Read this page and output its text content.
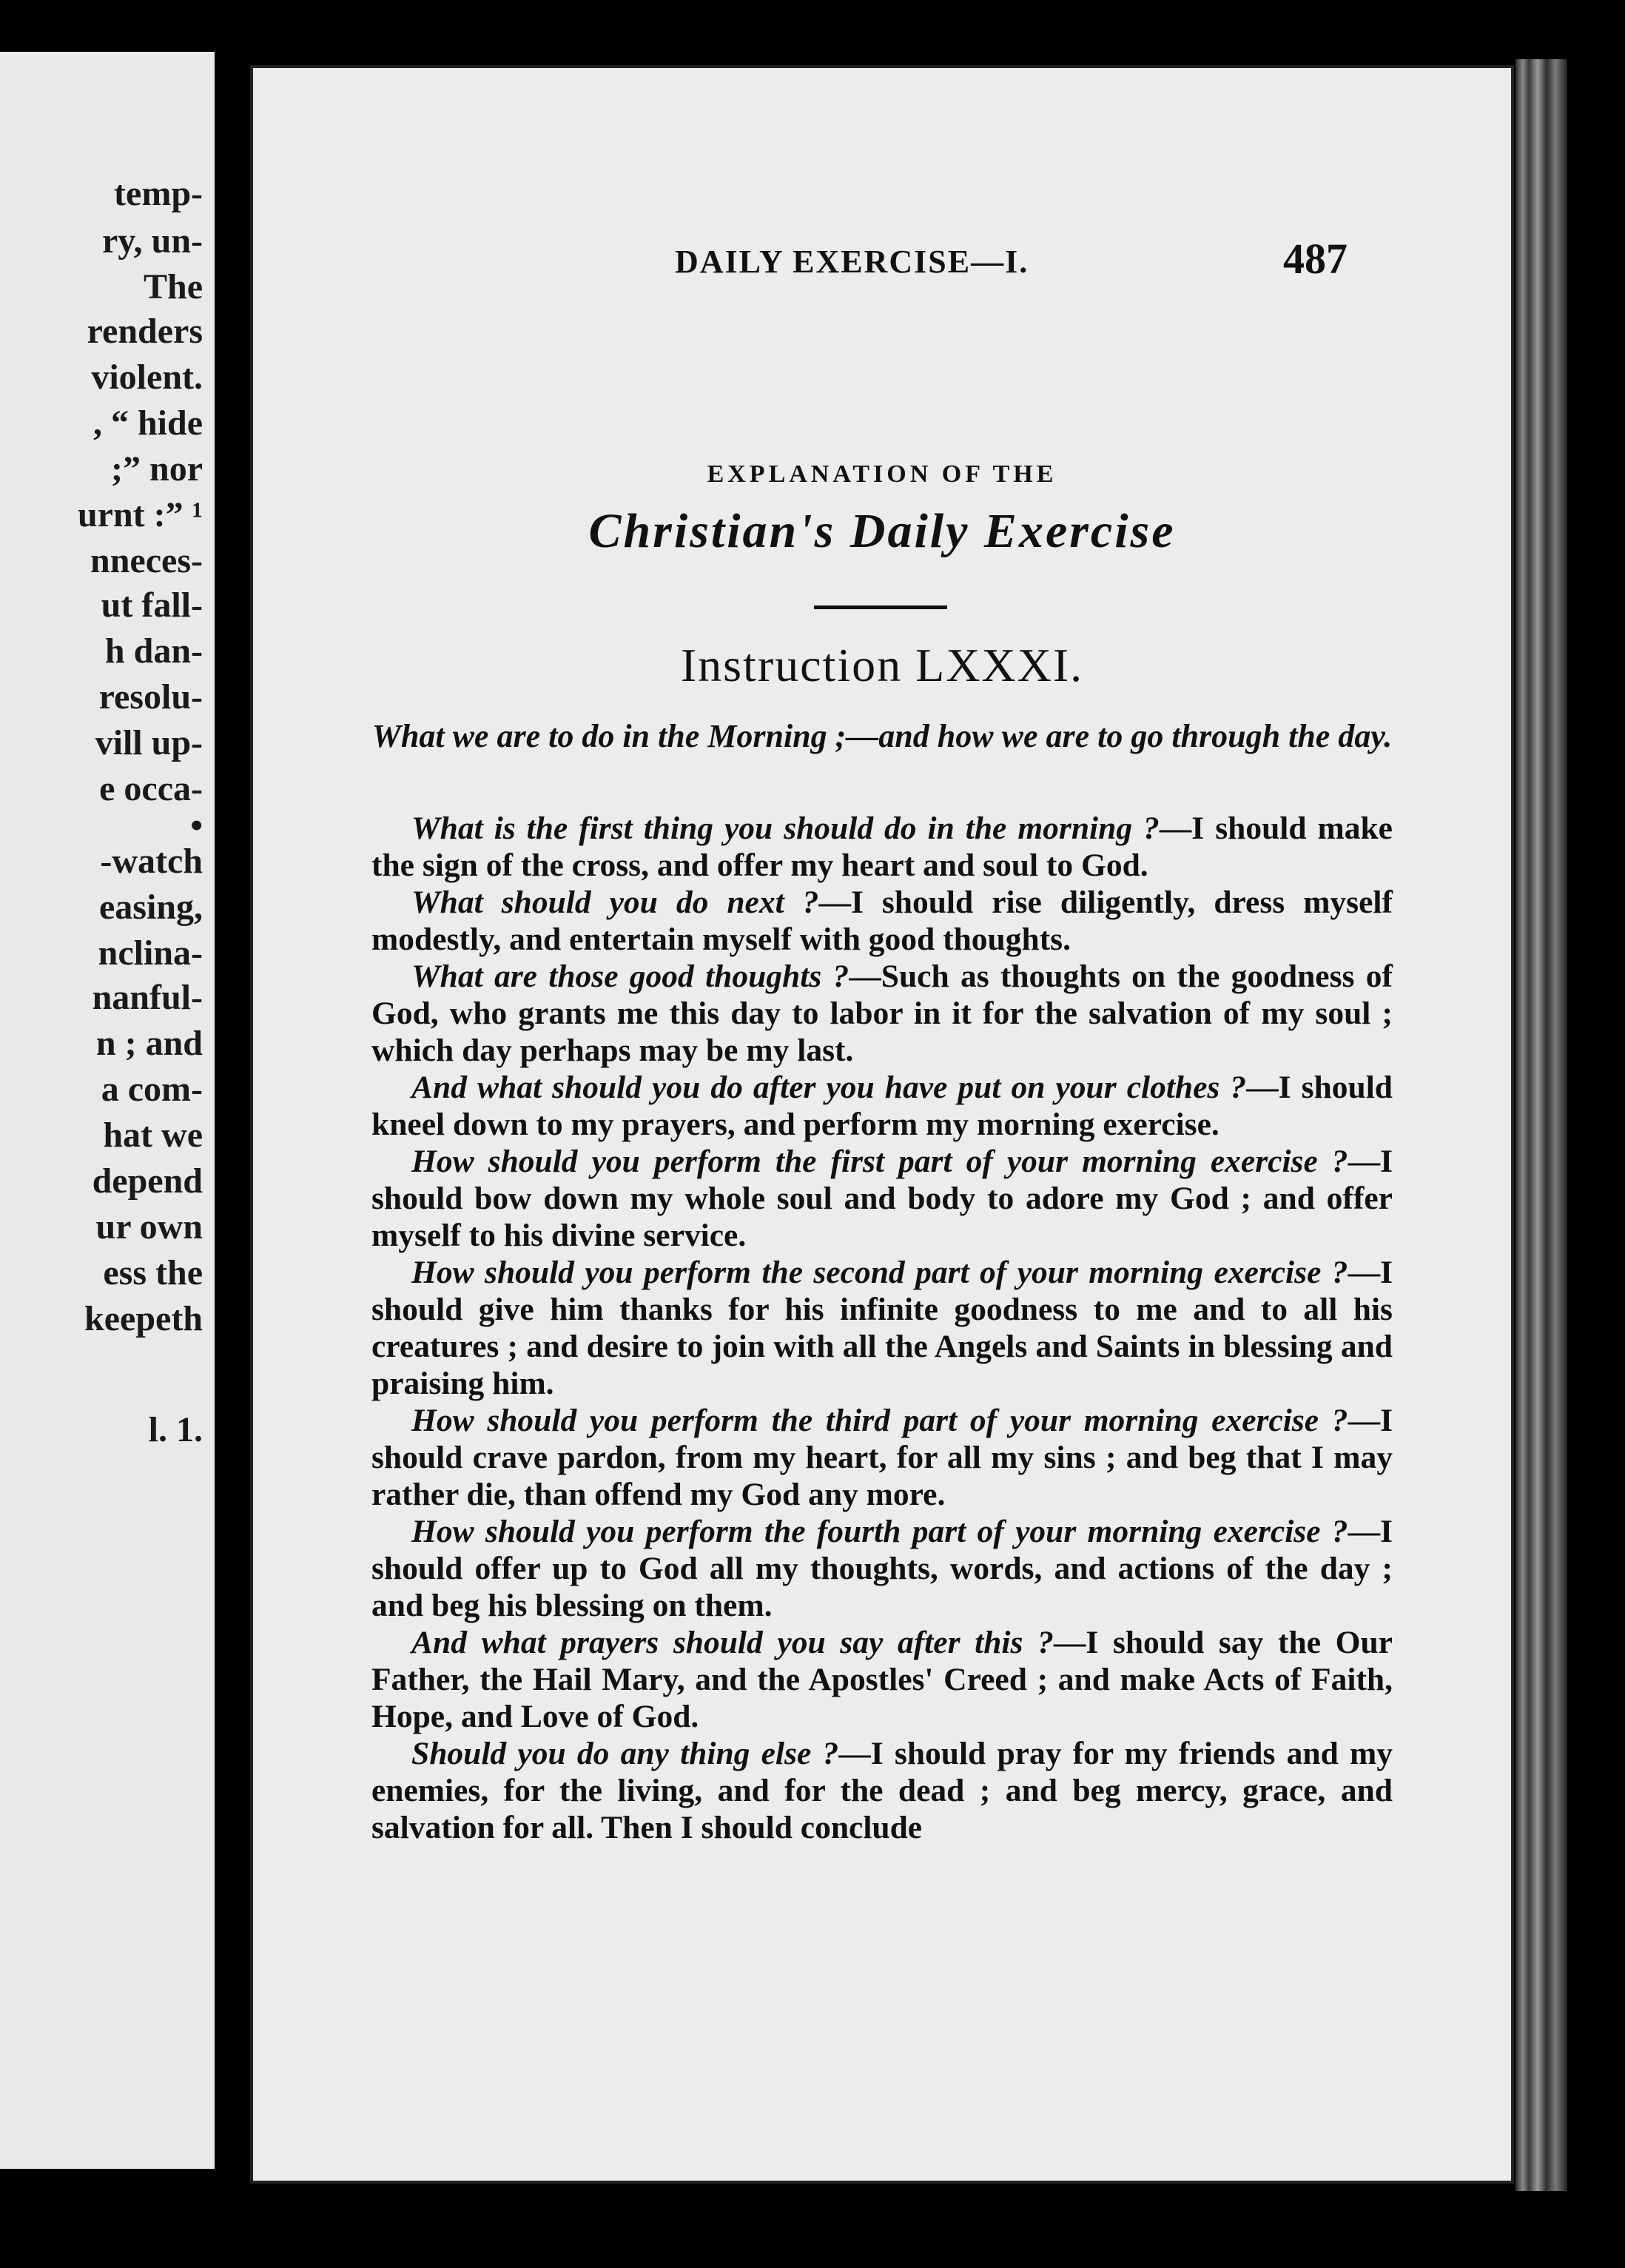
temp-
ry, un-
The
renders
violent.
, “ hide
;” nor
urnt :” ¹
nneces-
ut fall-
h dan-
resolu-
vill up-
e occa-
•
-watch
easing,
nclina-
nanful-
n ; and
a com-
hat we
depend
ur own
ess the
keepeth
l. 1.
DAILY EXERCISE—I.	487
EXPLANATION OF THE
Christian's Daily Exercise
Instruction LXXXI.
What we are to do in the Morning ;—and how we are to go through the day.

What is the first thing you should do in the morning ?—I should make the sign of the cross, and offer my heart and soul to God.

What should you do next ?—I should rise diligently, dress myself modestly, and entertain myself with good thoughts.

What are those good thoughts ?—Such as thoughts on the goodness of God, who grants me this day to labor in it for the salvation of my soul ; which day perhaps may be my last.

And what should you do after you have put on your clothes ?—I should kneel down to my prayers, and perform my morning exercise.

How should you perform the first part of your morning exercise ?—I should bow down my whole soul and body to adore my God ; and offer myself to his divine service.

How should you perform the second part of your morning exercise ?—I should give him thanks for his infinite goodness to me and to all his creatures ; and desire to join with all the Angels and Saints in blessing and praising him.

How should you perform the third part of your morning exercise ?—I should crave pardon, from my heart, for all my sins ; and beg that I may rather die, than offend my God any more.

How should you perform the fourth part of your morning exercise ?—I should offer up to God all my thoughts, words, and actions of the day ; and beg his blessing on them.

And what prayers should you say after this ?—I should say the Our Father, the Hail Mary, and the Apostles' Creed ; and make Acts of Faith, Hope, and Love of God.

Should you do any thing else ?—I should pray for my friends and my enemies, for the living, and for the dead ; and beg mercy, grace, and salvation for all. Then I should conclude
